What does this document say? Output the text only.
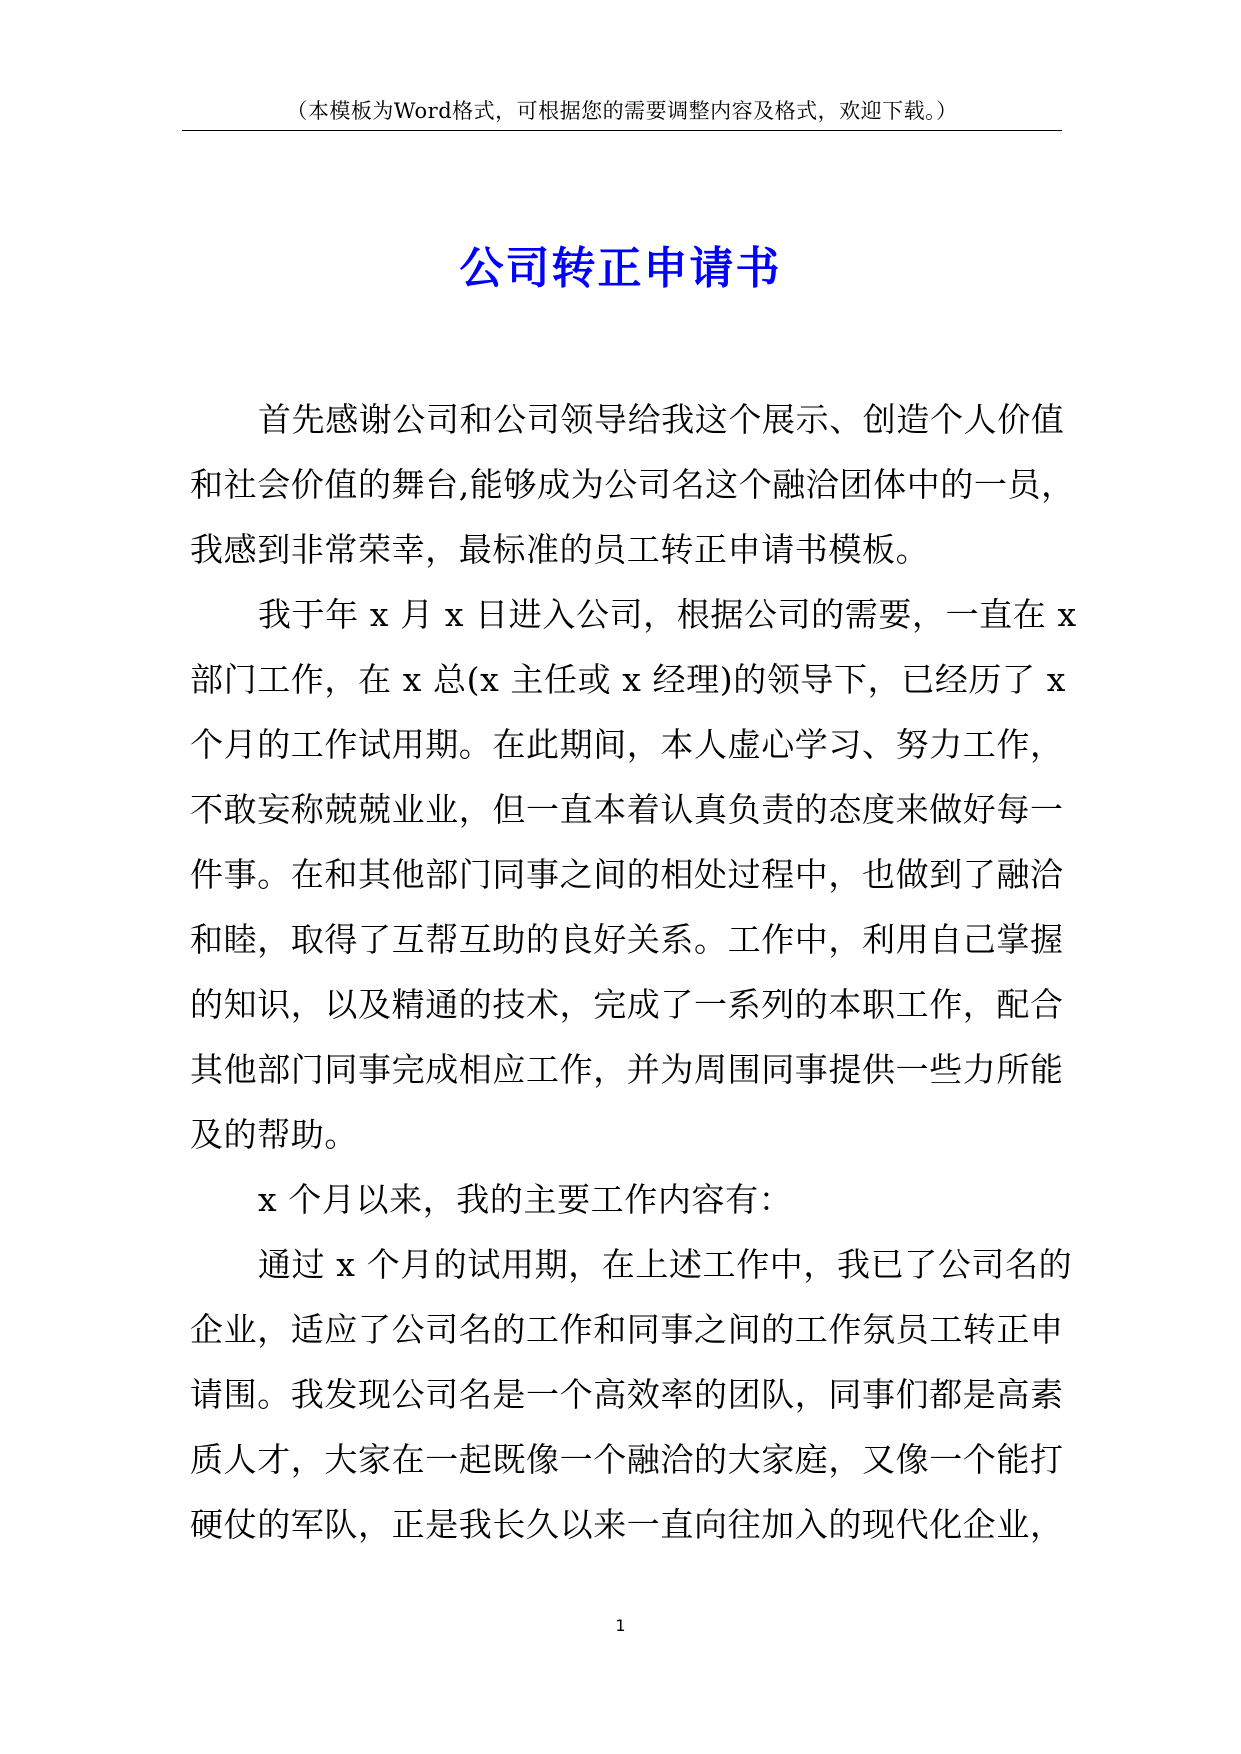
（本模板为Word格式，可根据您的需要调整内容及格式，欢迎下载。）
公司转正申请书

首先感谢公司和公司领导给我这个展示、创造个人价值
和社会价值的舞台,能够成为公司名这个融洽团体中的一员，
我感到非常荣幸，最标准的员工转正申请书模板。

我于年 x 月 x 日进入公司，根据公司的需要，一直在 x
部门工作，在 x 总(x 主任或 x 经理)的领导下，已经历了 x
个月的工作试用期。在此期间，本人虚心学习、努力工作，
不敢妄称兢兢业业，但一直本着认真负责的态度来做好每一
件事。在和其他部门同事之间的相处过程中，也做到了融洽
和睦，取得了互帮互助的良好关系。工作中，利用自己掌握
的知识，以及精通的技术，完成了一系列的本职工作，配合
其他部门同事完成相应工作，并为周围同事提供一些力所能
及的帮助。

x 个月以来，我的主要工作内容有：

通过 x 个月的试用期，在上述工作中，我已了公司名的
企业，适应了公司名的工作和同事之间的工作氛员工转正申
请围。我发现公司名是一个高效率的团队，同事们都是高素
质人才，大家在一起既像一个融洽的大家庭，又像一个能打
硬仗的军队，正是我长久以来一直向往加入的现代化企业，

1
